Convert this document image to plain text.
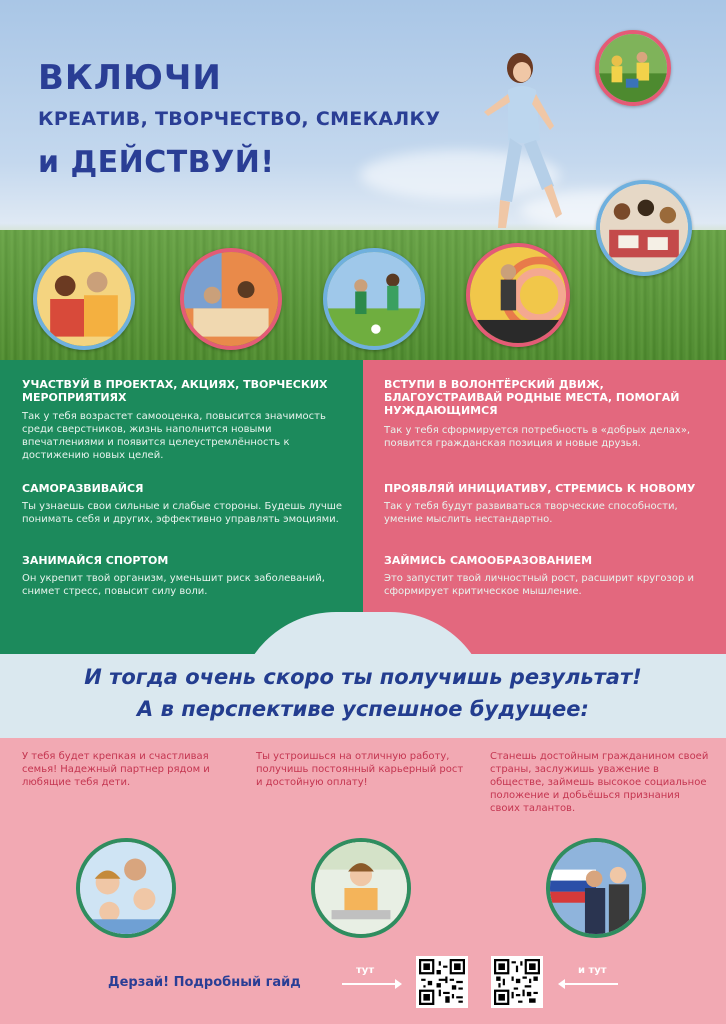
ВКЛЮЧИ
КРЕАТИВ, ТВОРЧЕСТВО, СМЕКАЛКУ
и ДЕЙСТВУЙ!
УЧАСТВУЙ В ПРОЕКТАХ, АКЦИЯХ, ТВОРЧЕСКИХ МЕРОПРИЯТИЯХ
Так у тебя возрастет самооценка, повысится значимость среди сверстников, жизнь наполнится новыми впечатлениями и появится целеустремлённость к достижению новых целей.
САМОРАЗВИВАЙСЯ
Ты узнаешь свои сильные и слабые стороны. Будешь лучше понимать себя и других, эффективно управлять эмоциями.
ЗАНИМАЙСЯ СПОРТОМ
Он укрепит твой организм, уменьшит риск заболеваний, снимет стресс, повысит силу воли.
ВСТУПИ В ВОЛОНТЁРСКИЙ ДВИЖ, БЛАГОУСТРАИВАЙ РОДНЫЕ МЕСТА, ПОМОГАЙ НУЖДАЮЩИМСЯ
Так у тебя сформируется потребность в «добрых делах», появится гражданская позиция и новые друзья.
ПРОЯВЛЯЙ ИНИЦИАТИВУ, СТРЕМИСЬ К НОВОМУ
Так у тебя будут развиваться творческие способности, умение мыслить нестандартно.
ЗАЙМИСЬ САМООБРАЗОВАНИЕМ
Это запустит твой личностный рост, расширит кругозор и сформирует критическое мышление.
И тогда очень скоро ты получишь результат!
А в перспективе успешное будущее:
У тебя будет крепкая и счастливая семья! Надежный партнер рядом и любящие тебя дети.
Ты устроишься на отличную работу, получишь постоянный карьерный рост и достойную оплату!
Станешь достойным гражданином своей страны, заслужишь уважение в обществе, займешь высокое социальное положение и добьёшься признания своих талантов.
Дерзай! Подробный гайд
тут	и тут
